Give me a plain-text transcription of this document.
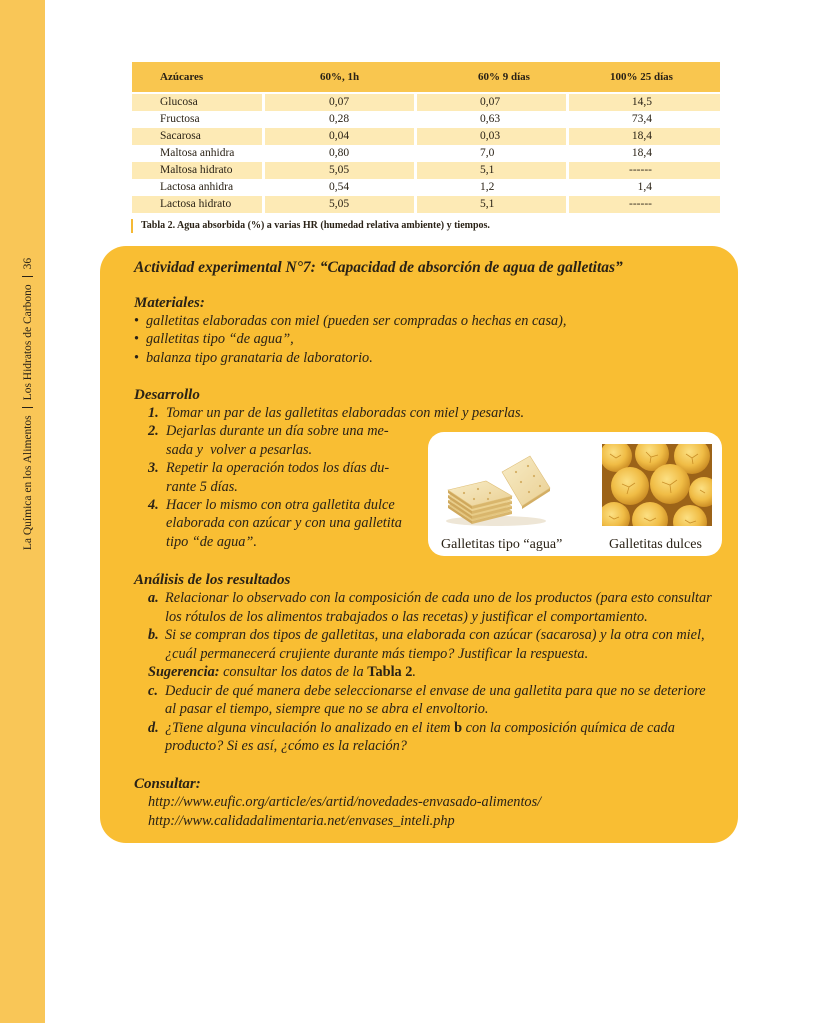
La Química en los AlimentosLos Hidratos de Carbono36
Azúcares	60%, 1h	60% 9 días	100% 25 días
Glucosa	0,07	0,07	14,5
Fructosa	0,28	0,63	73,4
Sacarosa	0,04	0,03	18,4
Maltosa anhidra	0,80	7,0	18,4
Maltosa hidrato	5,05	5,1	------
Lactosa anhidra	0,54	1,2	1,4
Lactosa hidrato	5,05	5,1	------
Tabla 2. Agua absorbida (%) a varias HR (humedad relativa ambiente) y tiempos.
Actividad experimental N°7: “Capacidad de absorción de agua de galletitas”
Materiales:
• galletitas elaboradas con miel (pueden ser compradas o hechas en casa),
• galletitas tipo “de agua”,
• balanza tipo granataria de laboratorio.
Desarrollo
1. Tomar un par de las galletitas elaboradas con miel y pesarlas.
2. Dejarlas durante un día sobre una me-
sada y  volver a pesarlas.
3. Repetir la operación todos los días du-
rante 5 días.
4. Hacer lo mismo con otra galletita dulce
elaborada con azúcar y con una galletita
tipo “de agua”.	Galletitas tipo “agua”	Galletitas dulces
Análisis de los resultados
a. Relacionar lo observado con la composición de cada uno de los productos (para esto consultar
los rótulos de los alimentos trabajados o las recetas) y justificar el comportamiento.
b. Si se compran dos tipos de galletitas, una elaborada con azúcar (sacarosa) y la otra con miel,
¿cuál permanecerá crujiente durante más tiempo? Justificar la respuesta.
Sugerencia: consultar los datos de la Tabla 2.
c. Deducir de qué manera debe seleccionarse el envase de una galletita para que no se deteriore
al pasar el tiempo, siempre que no se abra el envoltorio.
d. ¿Tiene alguna vinculación lo analizado en el item b con la composición química de cada
producto? Si es así, ¿cómo es la relación?
Consultar:
http://www.eufic.org/article/es/artid/novedades-envasado-alimentos/
http://www.calidadalimentaria.net/envases_inteli.php
